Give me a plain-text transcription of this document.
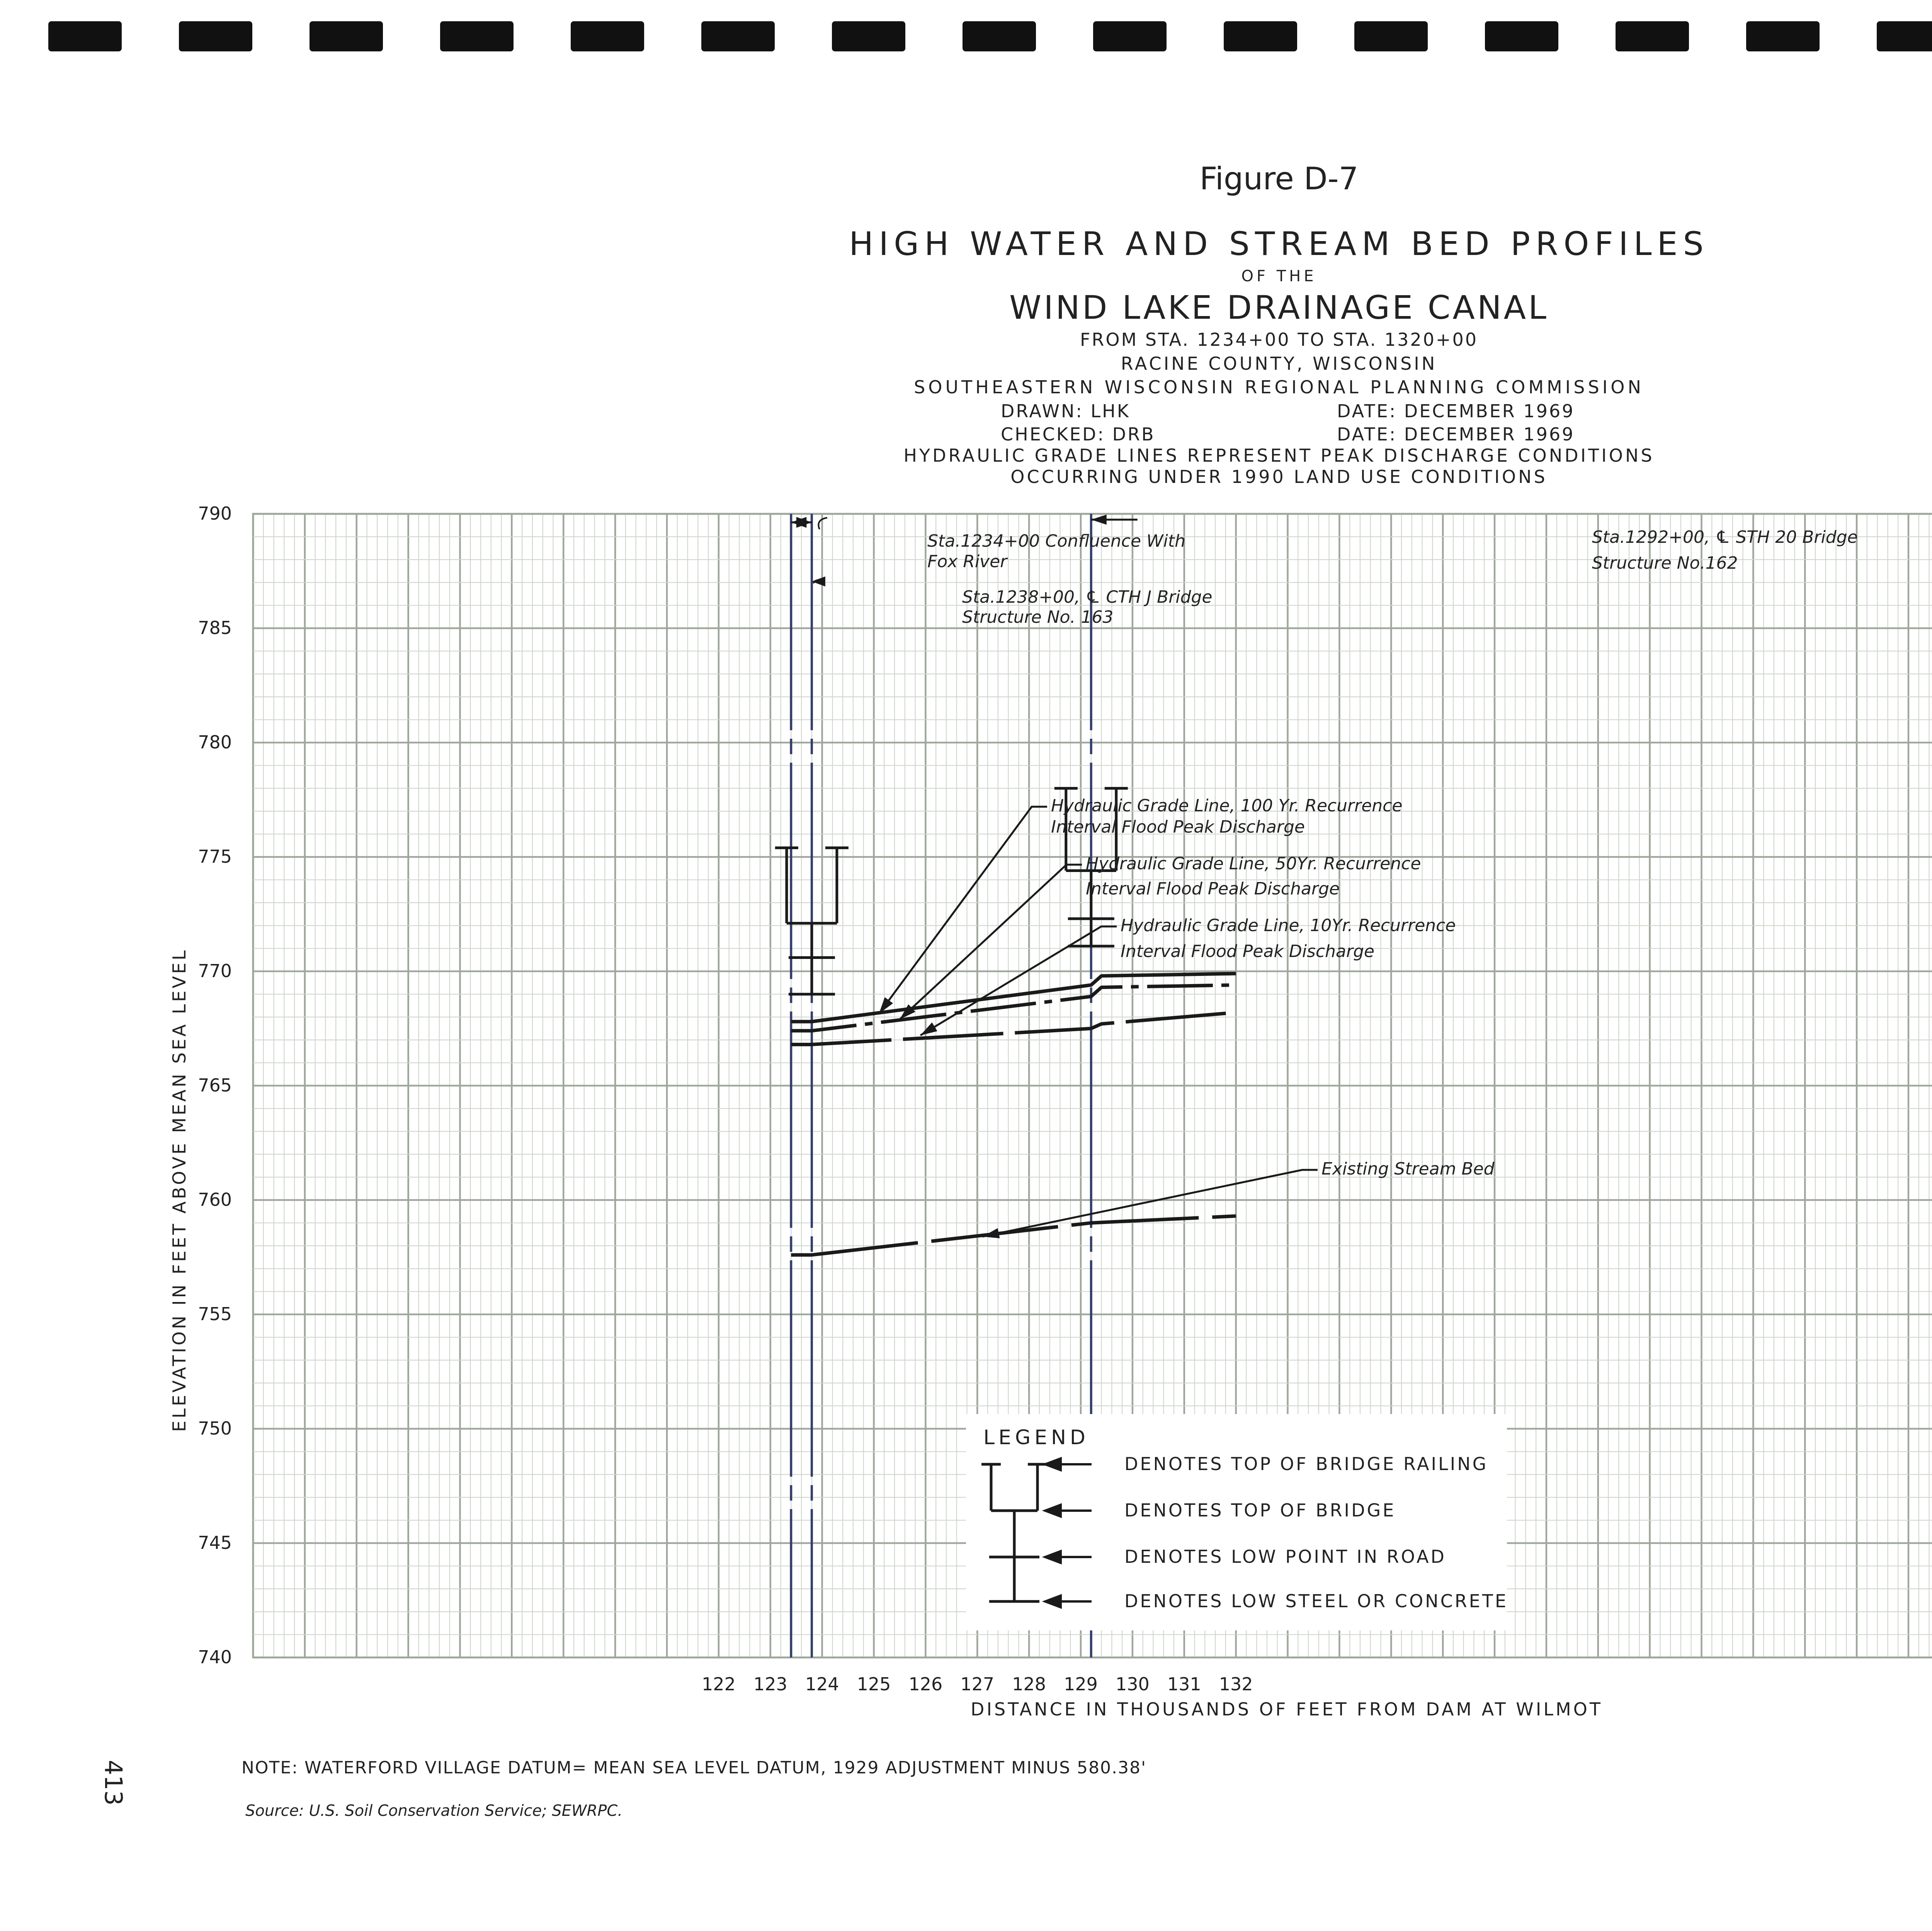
Figure D-7
HIGH WATER AND STREAM BED PROFILES
OF THE
WIND LAKE DRAINAGE CANAL
FROM STA. 1234+00 TO STA. 1320+00
RACINE COUNTY, WISCONSIN
SOUTHEASTERN WISCONSIN REGIONAL PLANNING COMMISSION
DRAWN: LHK	DATE: DECEMBER 1969
CHECKED: DRB	DATE: DECEMBER 1969
HYDRAULIC GRADE LINES REPRESENT PEAK DISCHARGE CONDITIONS
OCCURRING UNDER 1990 LAND USE CONDITIONS
740
745
750
755
760
765
770
775
780
785
790
122 123 124 125 126 127 128 129 130 131 132
DISTANCE IN THOUSANDS OF FEET FROM DAM AT WILMOT
ELEVATION IN FEET ABOVE MEAN SEA LEVEL
Sta.1234+00 Confluence With
Fox River
Sta.1238+00, ℄ CTH J Bridge
Structure No. 163
Sta.1292+00, ℄ STH 20 Bridge
Structure No.162
Hydraulic Grade Line, 100 Yr. Recurrence
Interval Flood Peak Discharge
Hydraulic Grade Line, 50Yr. Recurrence
Interval Flood Peak Discharge
Hydraulic Grade Line, 10Yr. Recurrence
Interval Flood Peak Discharge
Existing Stream Bed
LEGEND
DENOTES TOP OF BRIDGE RAILING
DENOTES TOP OF BRIDGE
DENOTES LOW POINT IN ROAD
DENOTES LOW STEEL OR CONCRETE
NOTE: WATERFORD VILLAGE DATUM= MEAN SEA LEVEL DATUM, 1929 ADJUSTMENT MINUS 580.38'
Source: U.S. Soil Conservation Service; SEWRPC.
413
